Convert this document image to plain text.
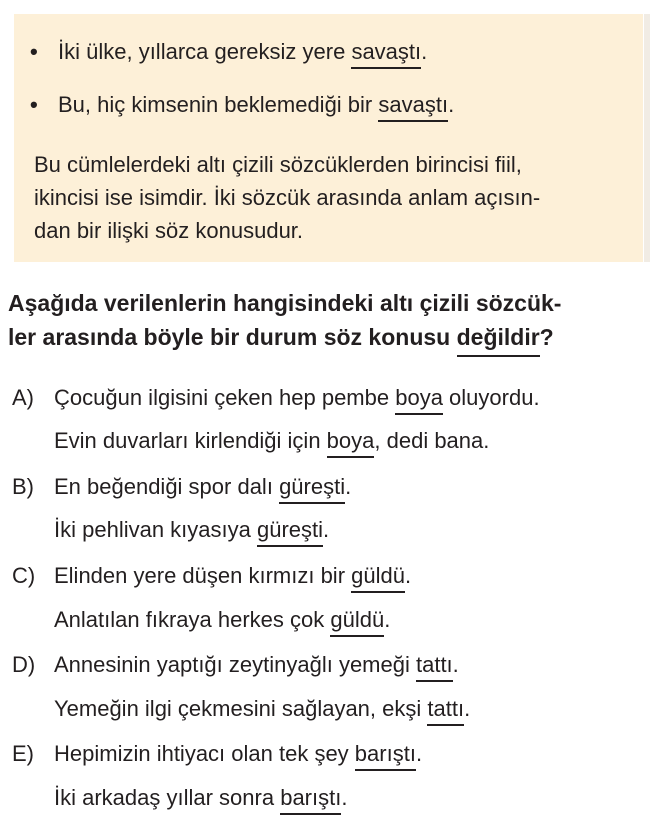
• İki ülke, yıllarca gereksiz yere savaştı.
• Bu, hiç kimsenin beklemediği bir savaştı.
Bu cümlelerdeki altı çizili sözcüklerden birincisi fiil,
ikincisi ise isimdir. İki sözcük arasında anlam açısın-
dan bir ilişki söz konusudur.
Aşağıda verilenlerin hangisindeki altı çizili sözcük-
ler arasında böyle bir durum söz konusu değildir?
A) Çocuğun ilgisini çeken hep pembe boya oluyordu.
Evin duvarları kirlendiği için boya, dedi bana.
B) En beğendiği spor dalı güreşti.
İki pehlivan kıyasıya güreşti.
C) Elinden yere düşen kırmızı bir güldü.
Anlatılan fıkraya herkes çok güldü.
D) Annesinin yaptığı zeytinyağlı yemeği tattı.
Yemeğin ilgi çekmesini sağlayan, ekşi tattı.
E) Hepimizin ihtiyacı olan tek şey barıştı.
İki arkadaş yıllar sonra barıştı.
